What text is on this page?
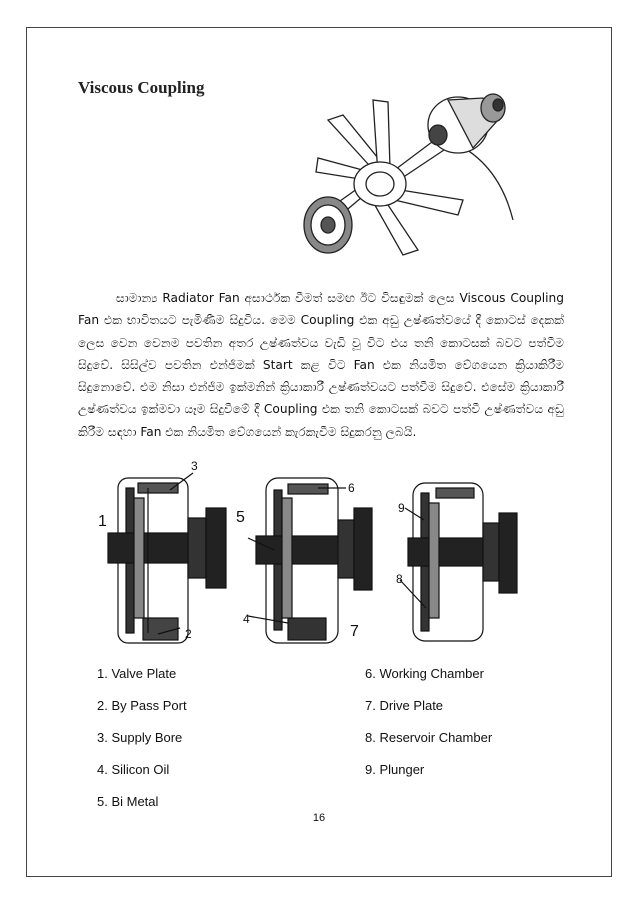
Viscous Coupling

සාමාන්‍ය Radiator Fan අසාර්ථක වීමත් සමඟ ඊට විසඳුමක් ලෙස Viscous Coupling Fan එක භාවිතයට පැමිණීම සිදුවිය. මෙම Coupling එක අඩු උෂ්ණත්වයේ දී කොටස් දෙකක් ලෙස වෙන වෙනම පවතින අතර උෂ්ණත්වය වැඩි වූ විට එය තනි කොටසක් බවට පත්වීම සිදුවේ. සිසිල්ව පවතින එන්ජිමක් Start කළ විට Fan එක නියමිත වේගයෙන ක්‍රියාකිරීම සිදුනොවේ. එම නිසා එන්ජිම ඉක්මනින් ක්‍රියාකාරී උෂ්ණත්වයට පත්වීම සිදුවේ. එසේම ක්‍රියාකාරී උෂ්ණත්වය ඉක්මවා යෑම සිදුවීමේ දී Coupling එක තනි කොටසක් බවට පත්වී උෂ්ණත්වය අඩු කිරීම සඳහා Fan එක නියමිත වේගයෙන් කැරකැවීම සිදුකරනු ලබයි.

1
2
3
4
5
6
7
8
9
1. Valve Plate
2. By Pass Port
3. Supply Bore
4. Silicon Oil
5. Bi Metal
6. Working Chamber
7. Drive Plate
8. Reservoir Chamber
9. Plunger
16
